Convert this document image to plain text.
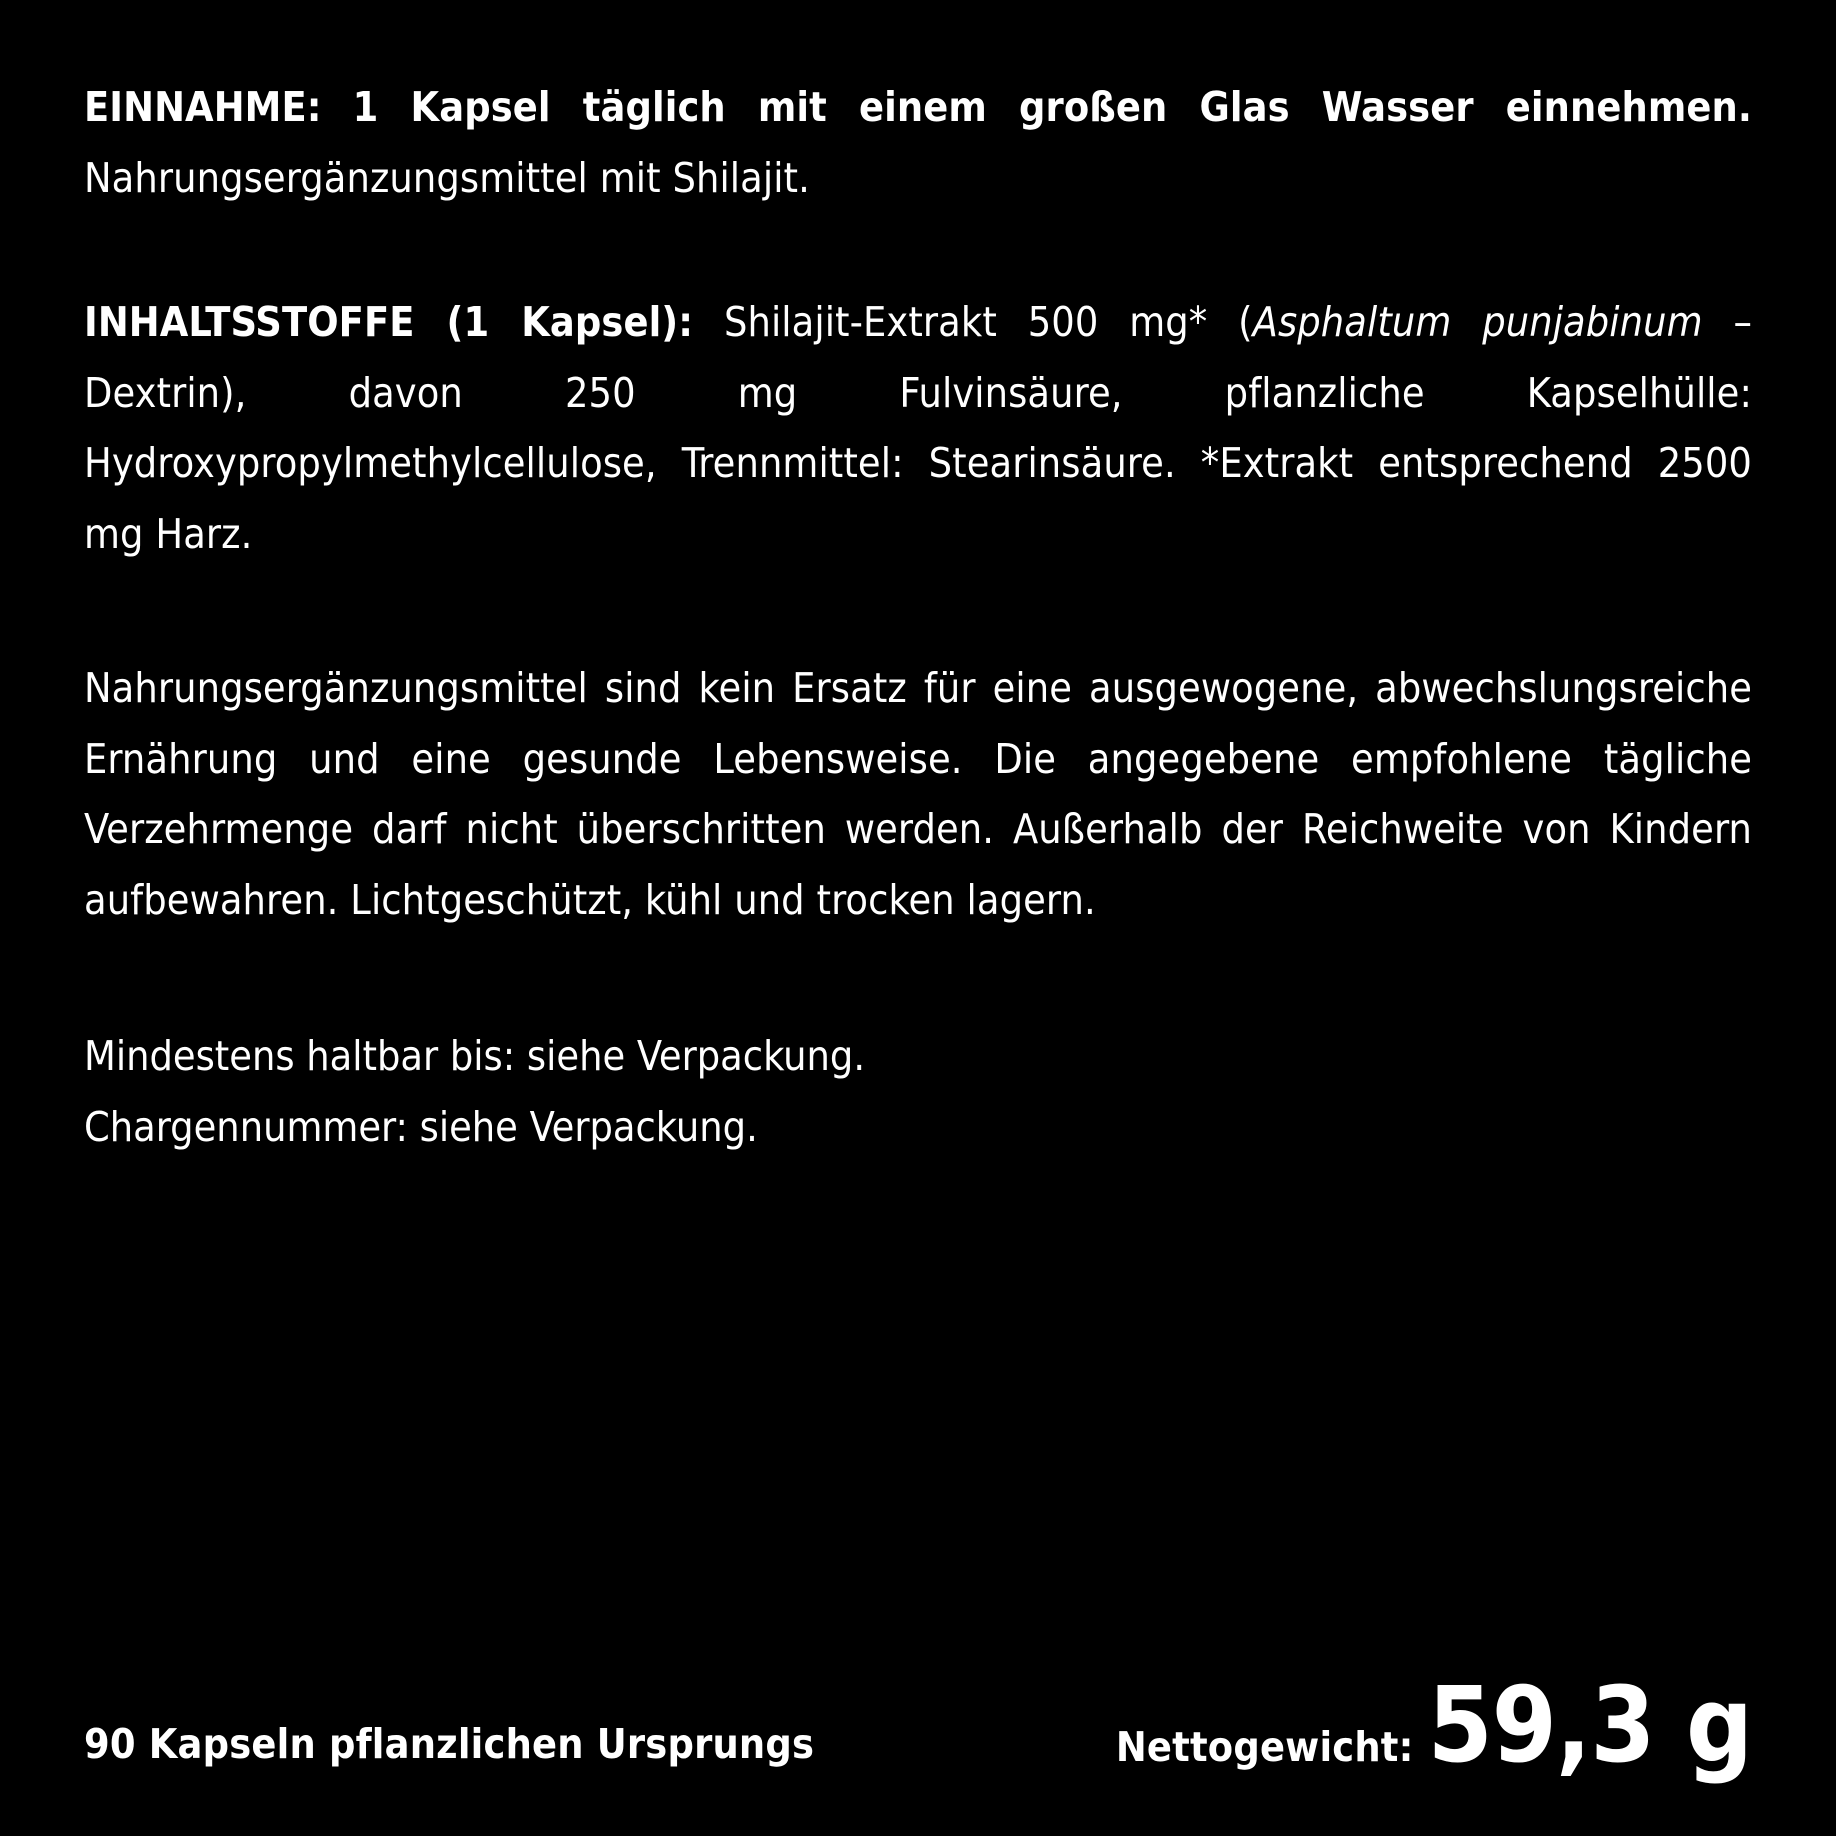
EINNAHME: 1 Kapsel täglich mit einem großen Glas Wasser einnehmen. Nahrungsergänzungsmittel mit Shilajit.
INHALTSSTOFFE (1 Kapsel): Shilajit-Extrakt 500 mg* (Asphaltum punjabinum – Dextrin), davon 250 mg Fulvinsäure, pflanzliche Kapselhülle: Hydroxypropylmethylcellulose, Trennmittel: Stearinsäure. *Extrakt entsprechend 2500 mg Harz.
Nahrungsergänzungsmittel sind kein Ersatz für eine ausgewogene, abwechslungsreiche Ernährung und eine gesunde Lebensweise. Die angegebene empfohlene tägliche Verzehrmenge darf nicht überschritten werden. Außerhalb der Reichweite von Kindern aufbewahren. Lichtgeschützt, kühl und trocken lagern.
Mindestens haltbar bis: siehe Verpackung.
Chargennummer: siehe Verpackung.
90 Kapseln pflanzlichen Ursprungs	Nettogewicht: 59,3 g
